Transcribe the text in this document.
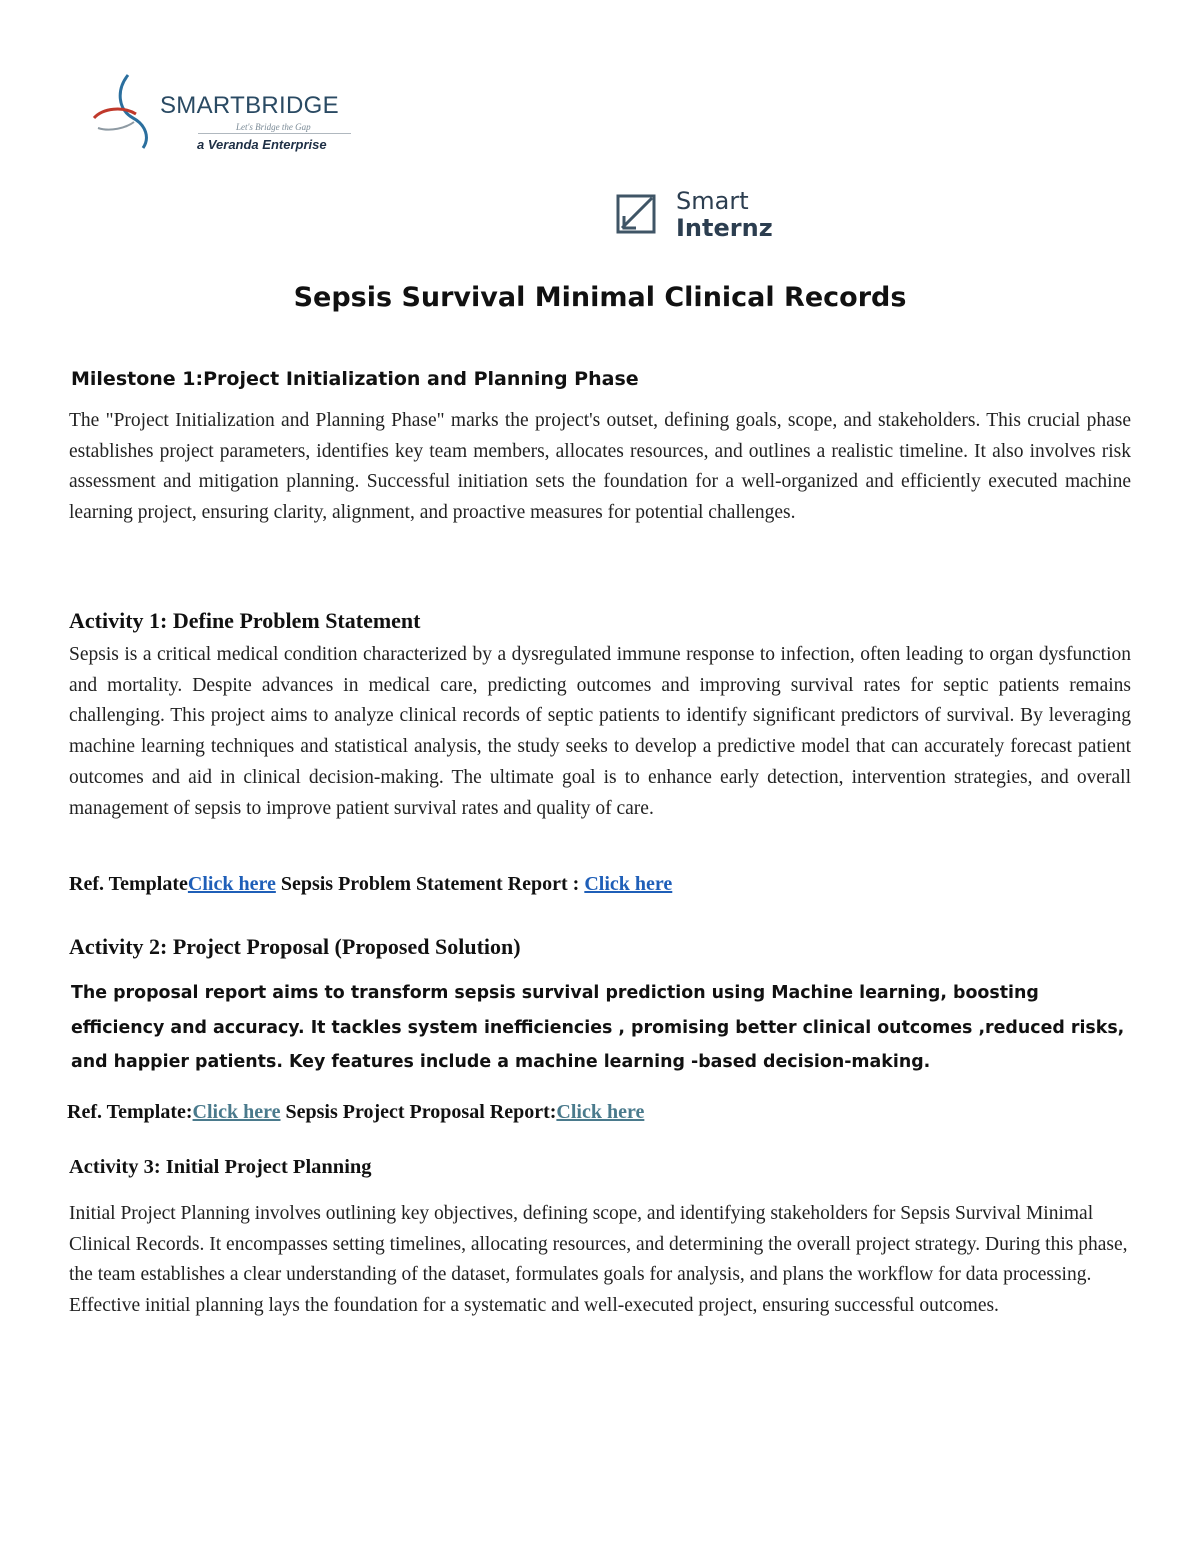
SMARTBRIDGE
Let's Bridge the Gap
a Veranda Enterprise
Smart
Internz
Sepsis Survival Minimal Clinical Records
Milestone 1:Project Initialization and Planning Phase

The "Project Initialization and Planning Phase" marks the project's outset, defining goals, scope, and stakeholders. This crucial phase establishes project parameters, identifies key team members, allocates resources, and outlines a realistic timeline. It also involves risk assessment and mitigation planning. Successful initiation sets the foundation for a well-organized and efficiently executed machine learning project, ensuring clarity, alignment, and proactive measures for potential challenges.

Activity 1: Define Problem Statement

Sepsis is a critical medical condition characterized by a dysregulated immune response to infection, often leading to organ dysfunction and mortality. Despite advances in medical care, predicting outcomes and improving survival rates for septic patients remains challenging. This project aims to analyze clinical records of septic patients to identify significant predictors of survival. By leveraging machine learning techniques and statistical analysis, the study seeks to develop a predictive model that can accurately forecast patient outcomes and aid in clinical decision-making. The ultimate goal is to enhance early detection, intervention strategies, and overall management of sepsis to improve patient survival rates and quality of care.

Ref. TemplateClick here Sepsis Problem Statement Report : Click here

Activity 2: Project Proposal (Proposed Solution)

The proposal report aims to transform sepsis survival prediction using Machine learning, boosting efficiency and accuracy. It tackles system inefficiencies , promising better clinical outcomes ,reduced risks, and happier patients. Key features include a machine learning -based decision-making.

Ref. Template:Click here Sepsis Project Proposal Report:Click here

Activity 3: Initial Project Planning

Initial Project Planning involves outlining key objectives, defining scope, and identifying stakeholders for Sepsis Survival Minimal Clinical Records. It encompasses setting timelines, allocating resources, and determining the overall project strategy. During this phase, the team establishes a clear understanding of the dataset, formulates goals for analysis, and plans the workflow for data processing. Effective initial planning lays the foundation for a systematic and well-executed project, ensuring successful outcomes.
